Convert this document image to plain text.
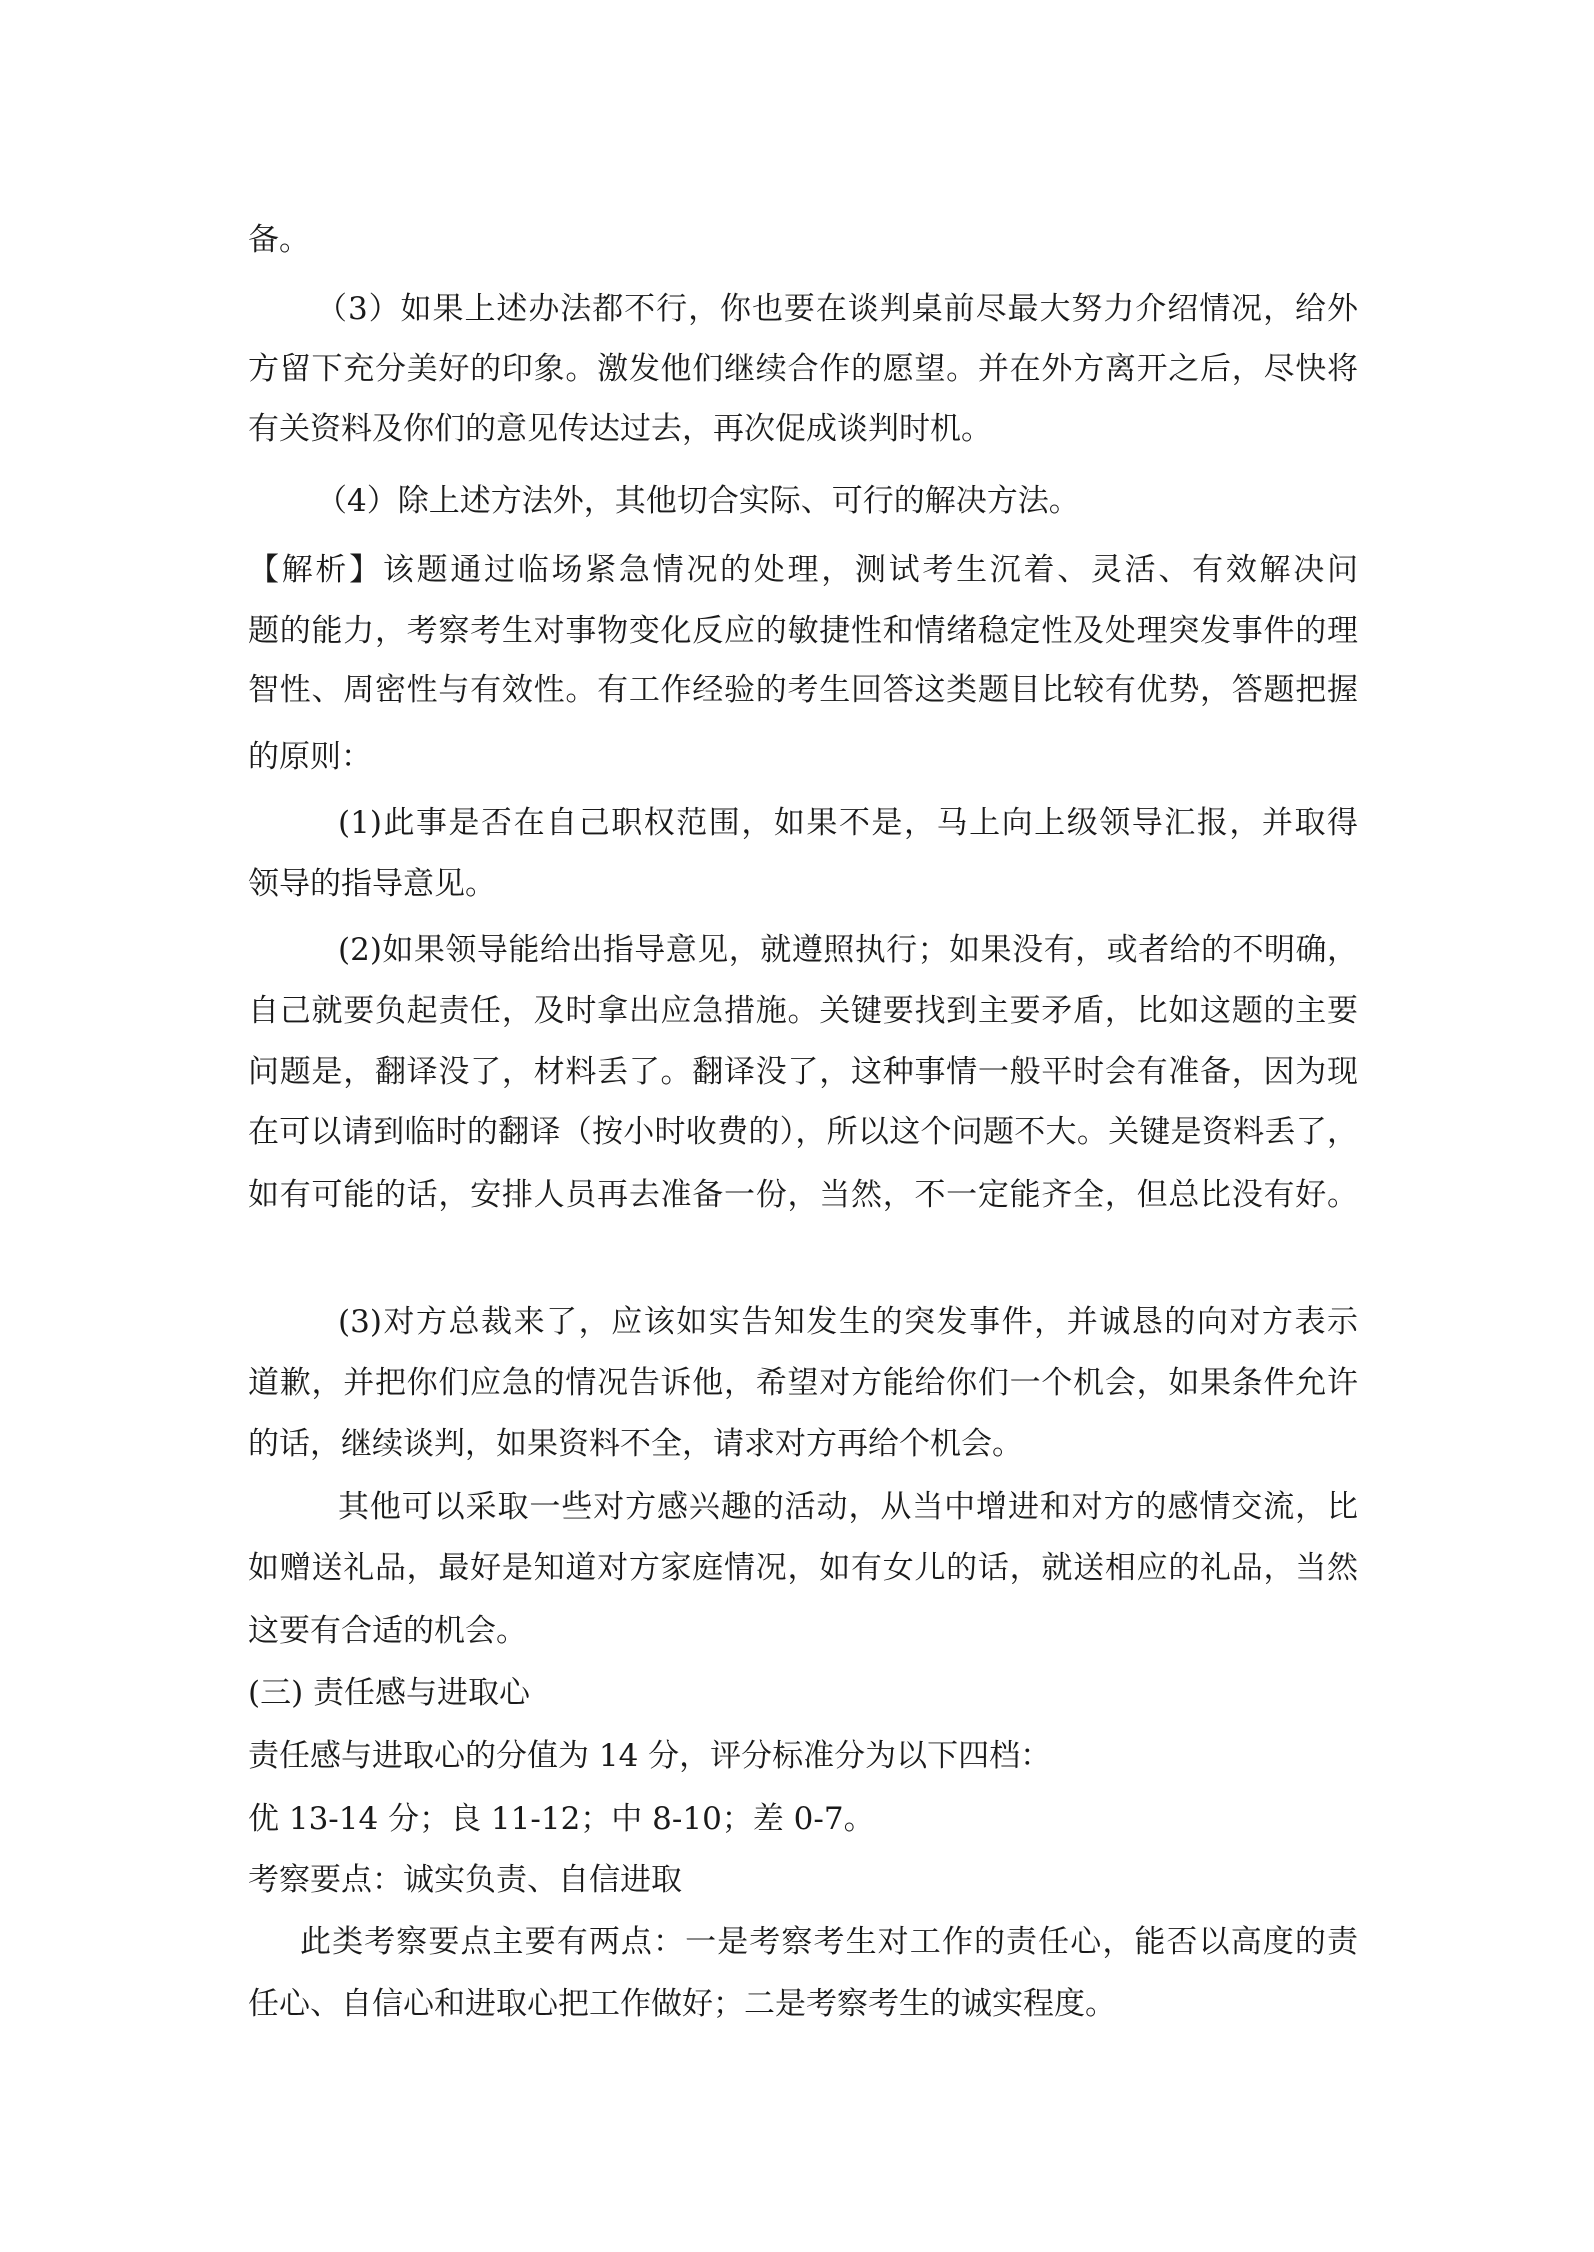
备。

（3）如果上述办法都不行，你也要在谈判桌前尽最大努力介绍情况，给外

方留下充分美好的印象。激发他们继续合作的愿望。并在外方离开之后，尽快将

有关资料及你们的意见传达过去，再次促成谈判时机。

（4）除上述方法外，其他切合实际、可行的解决方法。

【解析】该题通过临场紧急情况的处理，测试考生沉着、灵活、有效解决问

题的能力，考察考生对事物变化反应的敏捷性和情绪稳定性及处理突发事件的理

智性、周密性与有效性。有工作经验的考生回答这类题目比较有优势，答题把握

的原则：

(1)此事是否在自己职权范围，如果不是，马上向上级领导汇报，并取得

领导的指导意见。

(2)如果领导能给出指导意见，就遵照执行；如果没有，或者给的不明确，

自己就要负起责任，及时拿出应急措施。关键要找到主要矛盾，比如这题的主要

问题是，翻译没了，材料丢了。翻译没了，这种事情一般平时会有准备，因为现

在可以请到临时的翻译（按小时收费的），所以这个问题不大。关键是资料丢了，

如有可能的话，安排人员再去准备一份，当然，不一定能齐全，但总比没有好。

(3)对方总裁来了，应该如实告知发生的突发事件，并诚恳的向对方表示

道歉，并把你们应急的情况告诉他，希望对方能给你们一个机会，如果条件允许

的话，继续谈判，如果资料不全，请求对方再给个机会。

其他可以采取一些对方感兴趣的活动，从当中增进和对方的感情交流，比

如赠送礼品，最好是知道对方家庭情况，如有女儿的话，就送相应的礼品，当然

这要有合适的机会。

(三) 责任感与进取心

责任感与进取心的分值为 14 分，评分标准分为以下四档：

优 13-14 分；良 11-12；中 8-10；差 0-7。

考察要点：诚实负责、自信进取

此类考察要点主要有两点：一是考察考生对工作的责任心，能否以高度的责

任心、自信心和进取心把工作做好；二是考察考生的诚实程度。
